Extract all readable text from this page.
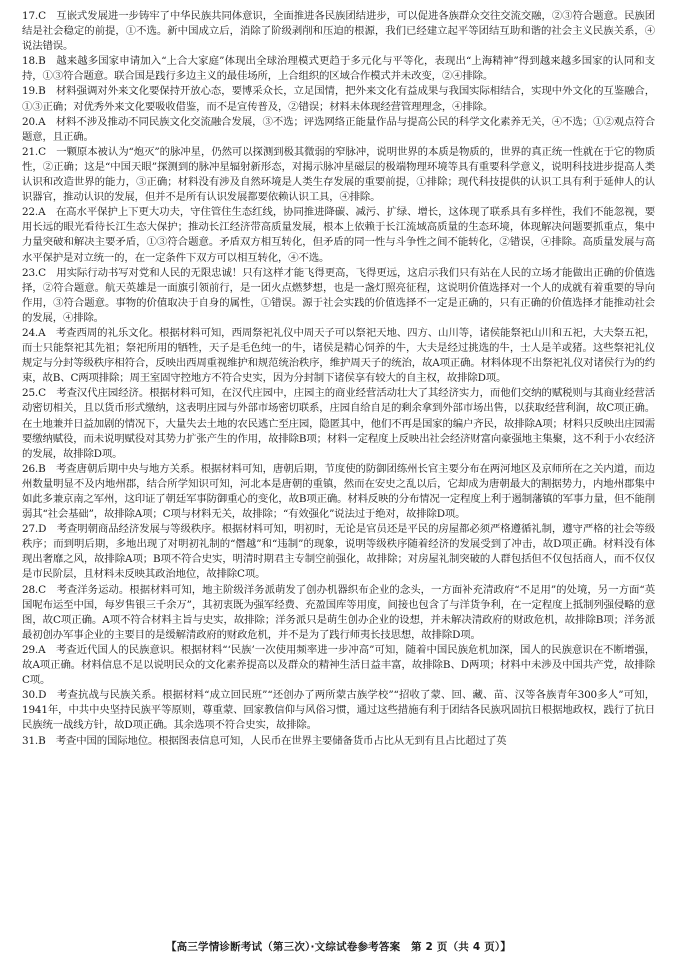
17.C　互嵌式发展进一步铸牢了中华民族共同体意识，全面推进各民族团结进步，可以促进各族群众交往交流交融，②③符合题意。民族团结是社会稳定的前提，①不选。新中国成立后，消除了阶级剥削和压迫的根源，我们已经建立起平等团结互助和谐的社会主义民族关系，④说法错误。

18.B　越来越多国家申请加入“上合大家庭”体现出全球治理模式更趋于多元化与平等化，表现出“上海精神”得到越来越多国家的认同和支持，①③符合题意。联合国是践行多边主义的最佳场所，上合组织的区域合作模式并未改变，②④排除。

19.B　材料强调对外来文化要保持开放心态，要博采众长，立足国情，把外来文化有益成果与我国实际相结合，实现中外文化的互鉴融合，①③正确；对优秀外来文化要吸收借鉴，而不是宣传普及，②错误；材料未体现经营管理理念，④排除。

20.A　材料不涉及推动不同民族文化交流融合发展，③不选；评选网络正能量作品与提高公民的科学文化素养无关，④不选；①②观点符合题意，且正确。

21.C　一颗原本被认为“炮灭”的脉冲星，仍然可以探测到极其微弱的窄脉冲，说明世界的本质是物质的，世界的真正统一性就在于它的物质性，②正确；这是“中国天眼”探测到的脉冲星辐射新形态，对揭示脉冲星磁层的极端物理环境等具有重要科学意义，说明科技进步提高人类认识和改造世界的能力，③正确；材料没有涉及自然环境是人类生存发展的重要前提，①排除；现代科技提供的认识工具有利于延伸人的认识器官，推动认识的发展，但并不是所有认识发展都要依赖认识工具，④排除。

22.A　在高水平保护上下更大功夫，守住管住生态红线，协同推进降碳、减污、扩绿、增长，这体现了联系具有多样性，我们不能忽视，要用长远的眼光看待长江生态大保护；推动长江经济带高质量发展，根本上依赖于长江流域高质量的生态环境，体现解决问题要抓重点，集中力量突破和解决主要矛盾，①③符合题意。矛盾双方相互转化，但矛盾的同一性与斗争性之间不能转化，②错误，④排除。高质量发展与高水平保护是对立统一的，在一定条件下双方可以相互转化，④不选。

23.C　用实际行动书写对党和人民的无限忠诚！只有这样才能飞得更高，飞得更远，这启示我们只有站在人民的立场才能做出正确的价值选择，②符合题意。航天英雄是一面旗引领前行，是一团火点燃梦想，也是一盏灯照亮征程，这说明价值选择对一个人的成就有着重要的导向作用，③符合题意。事物的价值取决于自身的属性，①错误。源于社会实践的价值选择不一定是正确的，只有正确的价值选择才能推动社会的发展，④排除。

24.A　考查西周的礼乐文化。根据材料可知，西周祭祀礼仪中周天子可以祭祀天地、四方、山川等，诸侯能祭祀山川和五祀，大夫祭五祀，而士只能祭祀其先祖；祭祀所用的牺牲，天子是毛色纯一的牛，诸侯是精心饲养的牛，大夫是经过挑选的牛，士人是羊或猪。这些祭祀礼仪规定与分封等级秩序相符合，反映出西周重视维护和规范统治秩序，维护周天子的统治，故A项正确。材料体现不出祭祀礼仪对诸侯行为的约束，故B、C两项排除；周王室固守控地方不符合史实，因为分封制下诸侯享有较大的自主权，故排除D项。

25.C　考查汉代庄园经济。根据材料可知，在汉代庄园中，庄园主的商业经营活动壮大了其经济实力，而他们交纳的赋税则与其商业经营活动密切相关，且以货币形式缴纳，这表明庄园与外部市场密切联系，庄园自给自足的剩余拿到外部市场出售，以获取经营利润，故C项正确。在土地兼并日益加剧的情况下，大量失去土地的农民逃亡至庄园，隐匿其中，他们不再是国家的编户齐民，故排除A项；材料只反映出庄园需要缴纳赋役，而未说明赋役对其势力扩张产生的作用，故排除B项；材料一定程度上反映出社会经济财富向豪强地主集聚，这不利于小农经济的发展，故排除D项。

26.B　考查唐朝后期中央与地方关系。根据材料可知，唐朝后期，节度使的防御团练州长官主要分布在两河地区及京师所在之关内道，而边州数量明显不及内地州郡，结合所学知识可知，河北本是唐朝的重镇，然而在安史之乱以后，它却成为唐朝最大的割据势力，内地州郡集中如此多兼京南之军州，这印证了朝廷军事防御重心的变化，故B项正确。材料反映的分布情况一定程度上利于遏制藩镇的军事力量，但不能削弱其“社会基础”，故排除A项；C项与材料无关，故排除；“有效强化”说法过于绝对，故排除D项。

27.D　考查明朝商品经济发展与等级秩序。根据材料可知，明初时，无论是官员还是平民的房屋都必须严格遵循礼制，遵守严格的社会等级秩序；而到明后期，多地出现了对明初礼制的“僭越”和“违制”的现象，说明等级秩序随着经济的发展受到了冲击，故D项正确。材料没有体现出奢靡之风，故排除A项；B项不符合史实，明清时期君主专制空前强化，故排除；对房屋礼制突破的人群包括但不仅包括商人，而不仅仅是市民阶层，且材料未反映其政治地位，故排除C项。

28.C　考查洋务运动。根据材料可知，地主阶级洋务派萌发了创办机器织布企业的念头，一方面补充清政府“不足用”的处境，另一方面“英国呢布运至中国，每岁售银三千余万”，其初衷既为强军经费、充盈国库等用度，间接也包含了与洋货争利，在一定程度上抵制列强侵略的意图，故C项正确。A项不符合材料主旨与史实，故排除；洋务派只是萌生创办企业的设想，并未解决清政府的财政危机，故排除B项；洋务派最初创办军事企业的主要目的是缓解清政府的财政危机，并不是为了践行师夷长技思想，故排除D项。

29.A　考查近代国人的民族意识。根据材料“‘民族’一次使用频率进一步冲高”可知，随着中国民族危机加深，国人的民族意识在不断增强，故A项正确。材料信息不足以说明民众的文化素养提高以及群众的精神生活日益丰富，故排除B、D两项；材料中未涉及中国共产党，故排除C项。

30.D　考查抗战与民族关系。根据材料“成立回民班”“还创办了两所蒙古族学校”“招收了蒙、回、藏、苗、汉等各族青年300多人”可知，1941年，中共中央坚持民族平等原则，尊重蒙、回家教信仰与风俗习惯，通过这些措施有利于团结各民族巩固抗日根据地政权，践行了抗日民族统一战线方针，故D项正确。其余选项不符合史实，故排除。

31.B　考查中国的国际地位。根据图表信息可知，人民币在世界主要储备货币占比从无到有且占比超过了英

【高三学情诊断考试（第三次）·文综试卷参考答案　第 2 页（共 4 页）】
